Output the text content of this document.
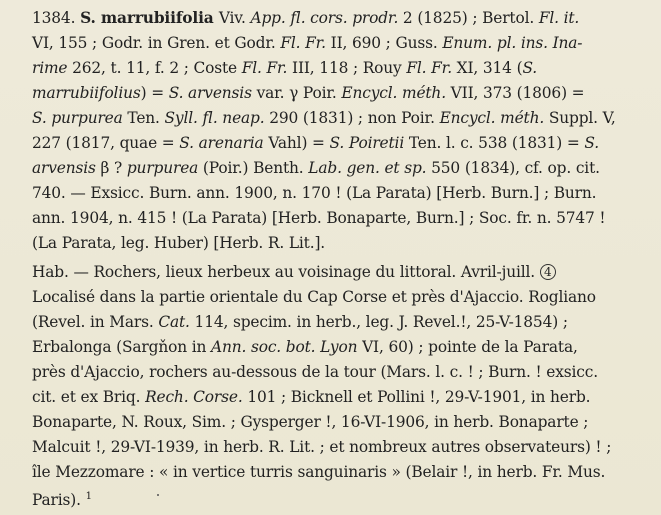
1384. S. marrubiifolia Viv. App. fl. cors. prodr. 2 (1825) ; Bertol. Fl. it.
VI, 155 ; Godr. in Gren. et Godr. Fl. Fr. II, 690 ; Guss. Enum. pl. ins. Ina-
rime 262, t. 11, f. 2 ; Coste Fl. Fr. III, 118 ; Rouy Fl. Fr. XI, 314 (S.
marrubiifolius) = S. arvensis var. γ Poir. Encycl. méth. VII, 373 (1806) =
S. purpurea Ten. Syll. fl. neap. 290 (1831) ; non Poir. Encycl. méth. Suppl. V,
227 (1817, quae = S. arenaria Vahl) = S. Poiretii Ten. l. c. 538 (1831) = S.
arvensis β ? purpurea (Poir.) Benth. Lab. gen. et sp. 550 (1834), cf. op. cit.
740. — Exsicc. Burn. ann. 1900, n. 170 ! (La Parata) [Herb. Burn.] ; Burn.
ann. 1904, n. 415 ! (La Parata) [Herb. Bonaparte, Burn.] ; Soc. fr. n. 5747 !
(La Parata, leg. Huber) [Herb. R. Lit.].
Hab. — Rochers, lieux herbeux au voisinage du littoral. Avril-juill. 4
Localisé dans la partie orientale du Cap Corse et près d'Ajaccio. Rogliano
(Revel. in Mars. Cat. 114, specim. in herb., leg. J. Revel.!, 25-V-1854) ;
Erbalonga (Sargňon in Ann. soc. bot. Lyon VI, 60) ; pointe de la Parata,
près d'Ajaccio, rochers au-dessous de la tour (Mars. l. c. ! ; Burn. ! exsicc.
cit. et ex Briq. Rech. Corse. 101 ; Bicknell et Pollini !, 29-V-1901, in herb.
Bonaparte, N. Roux, Sim. ; Gysperger !, 16-VI-1906, in herb. Bonaparte ;
Malcuit !, 29-VI-1939, in herb. R. Lit. ; et nombreux autres observateurs) ! ;
île Mezzomare : « in vertice turris sanguinaris » (Belair !, in herb. Fr. Mus.
Paris). $^1$
